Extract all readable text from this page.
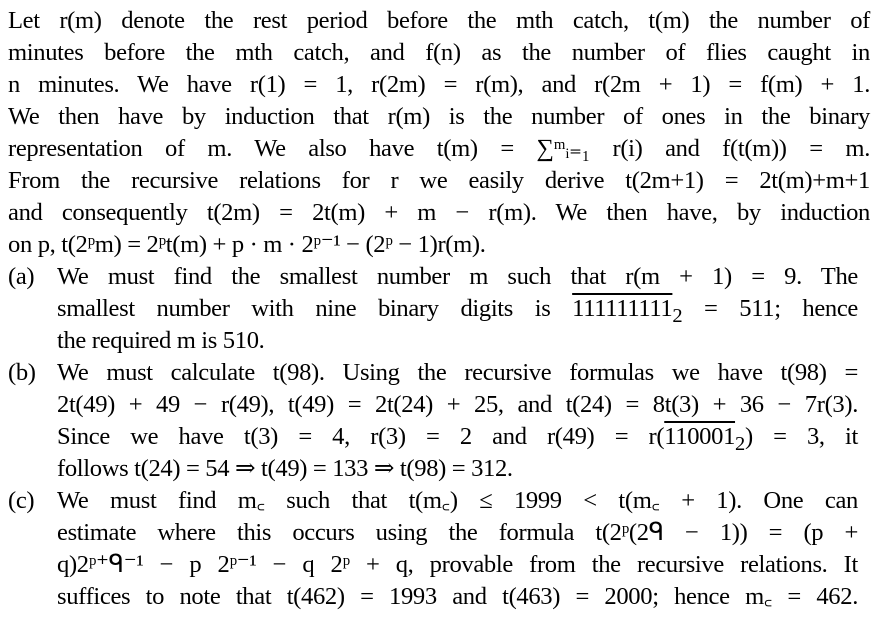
Let r(m) denote the rest period before the mth catch, t(m) the number of
minutes before the mth catch, and f(n) as the number of flies caught in
n minutes. We have r(1) = 1, r(2m) = r(m), and r(2m + 1) = f(m) + 1.
We then have by induction that r(m) is the number of ones in the binary
representation of m. We also have t(m) = ∑ᵐᵢ₌₁ r(i) and f(t(m)) = m.
From the recursive relations for r we easily derive t(2m+1) = 2t(m)+m+1
and consequently t(2m) = 2t(m) + m − r(m). We then have, by induction
on p, t(2ᵖm) = 2ᵖt(m) + p · m · 2ᵖ⁻¹ − (2ᵖ − 1)r(m).
(a) We must find the smallest number m such that r(m + 1) = 9. The
smallest number with nine binary digits is $111111111_2 = 511$; hence
the required m is 510.
(b) We must calculate t(98). Using the recursive formulas we have t(98) =
2t(49) + 49 − r(49), t(49) = 2t(24) + 25, and t(24) = 8t(3) + 36 − 7r(3).
Since we have t(3) = 4, r(3) = 2 and $r(49) = r(110001_2) = 3$, it
follows t(24) = 54 ⇒ t(49) = 133 ⇒ t(98) = 312.
(c) We must find m꜀ such that t(m꜀) ≤ 1999 < t(m꜀ + 1). One can
estimate where this occurs using the formula t(2ᵖ(2ᑫ − 1)) = (p +
q)2ᵖ⁺ᑫ⁻¹ − p 2ᵖ⁻¹ − q 2ᵖ + q, provable from the recursive relations. It
suffices to note that t(462) = 1993 and t(463) = 2000; hence m꜀ = 462.
